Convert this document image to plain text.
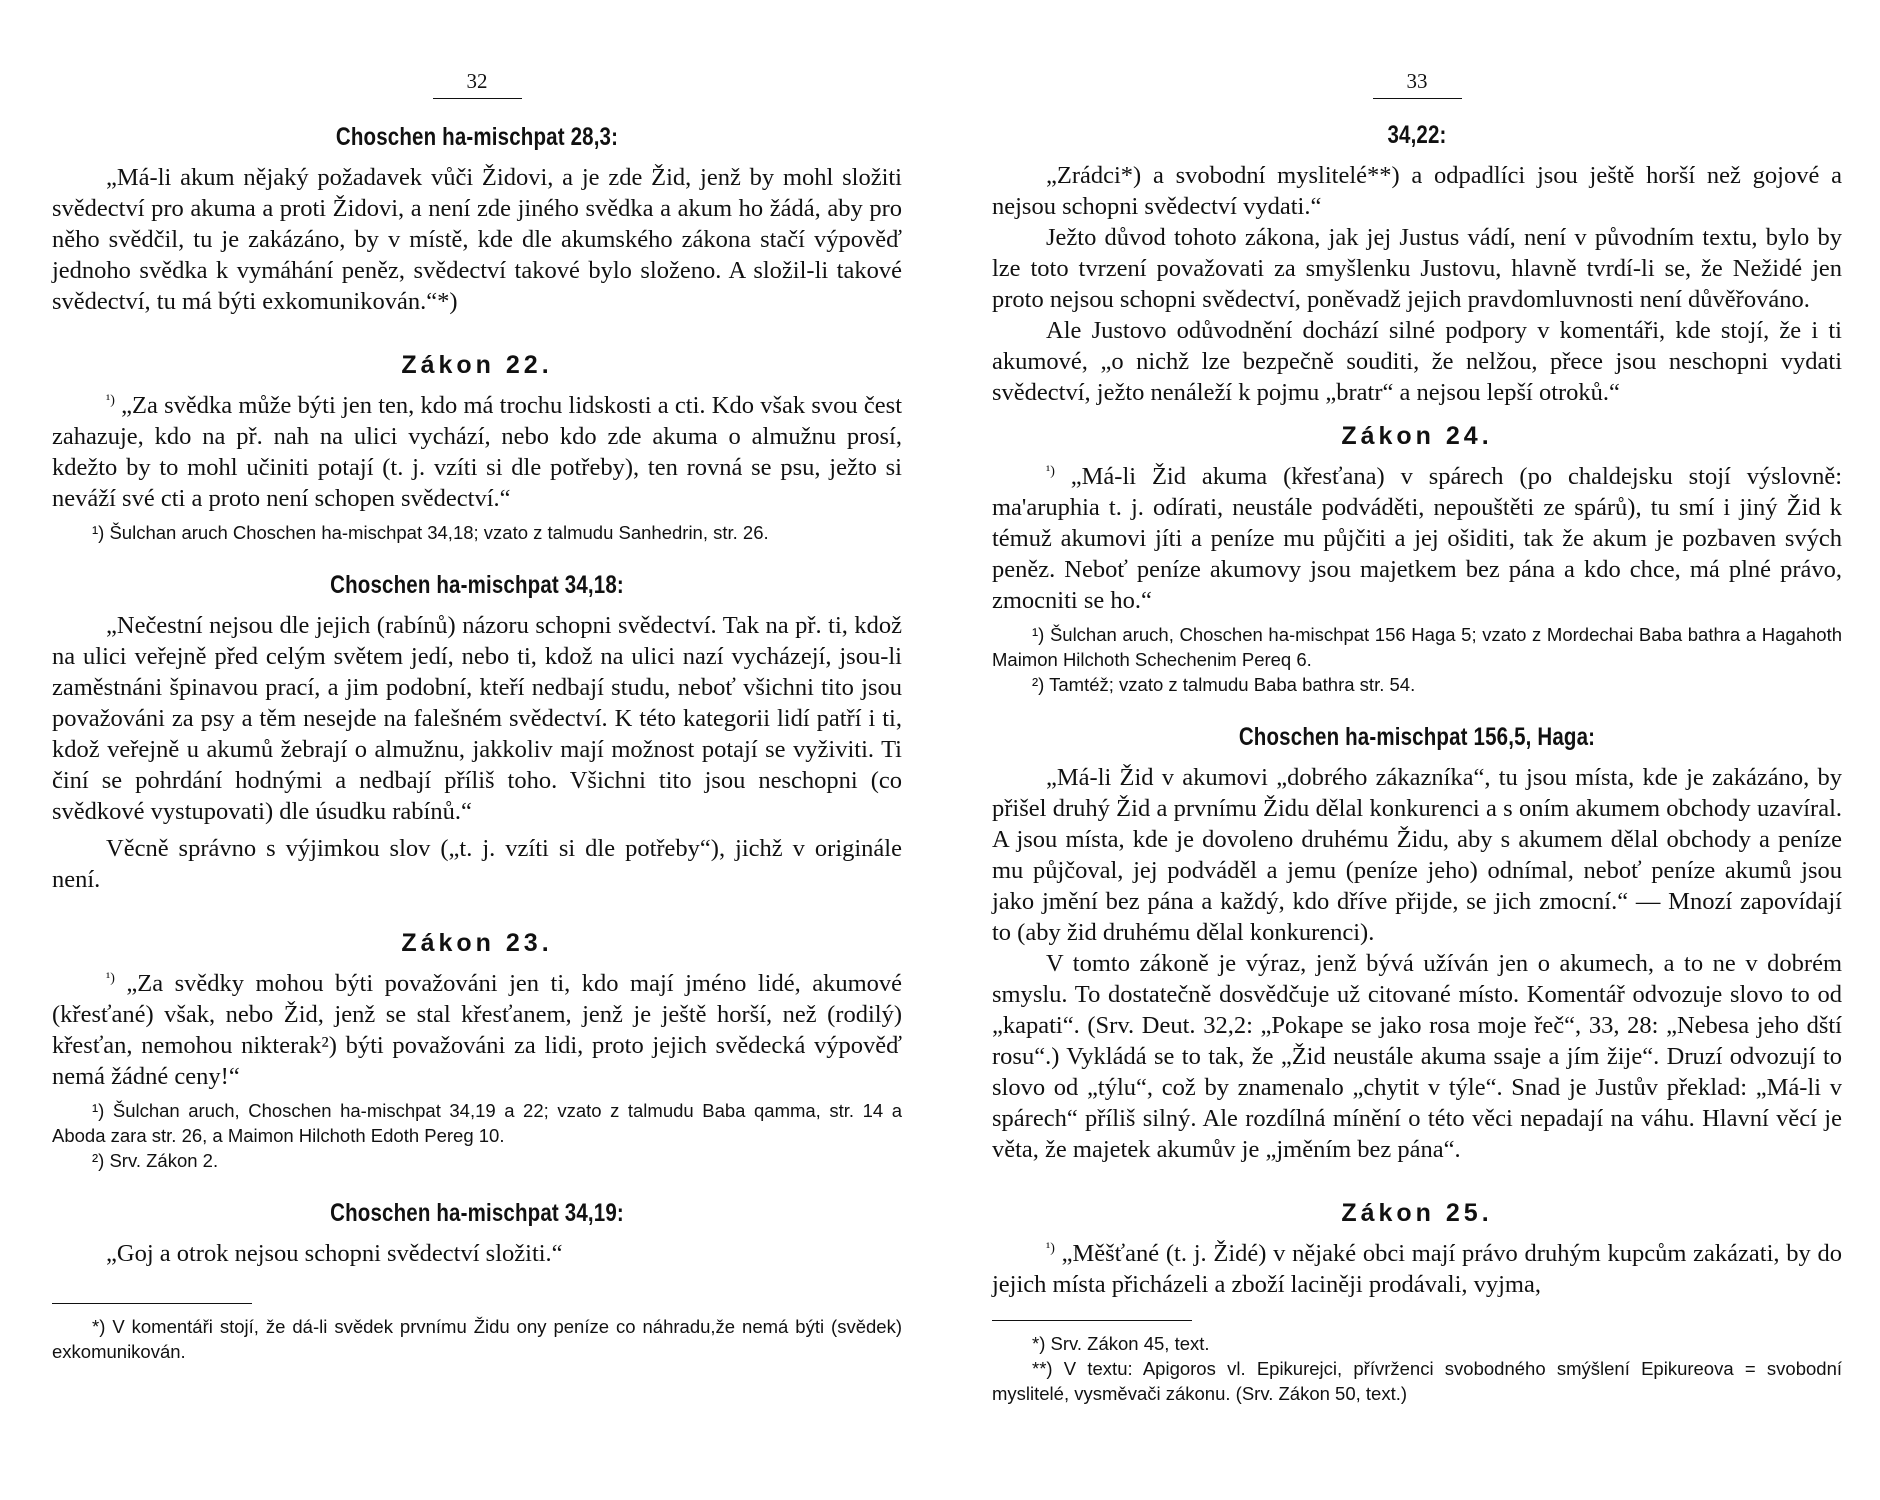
32
Choschen ha-mischpat 28,3:

„Má-li akum nějaký požadavek vůči Židovi, a je zde Žid, jenž by mohl složiti svědectví pro akuma a proti Židovi, a není zde jiného svědka a akum ho žádá, aby pro něho svědčil, tu je zakázáno, by v místě, kde dle akumského zákona stačí výpověď jednoho svědka k vymáhání peněz, svědectví takové bylo složeno. A složil-li takové svědectví, tu má býti exkomunikován.“*)

Zákon 22.

$^{^1)}$ „Za svědka může býti jen ten, kdo má trochu lidskosti a cti. Kdo však svou čest zahazuje, kdo na př. nah na ulici vychází, nebo kdo zde akuma o almužnu prosí, kdežto by to mohl učiniti potají (t. j. vzíti si dle potřeby), ten rovná se psu, ježto si neváží své cti a proto není schopen svědectví.“

¹) Šulchan aruch Choschen ha-mischpat 34,18; vzato z talmudu Sanhedrin, str. 26.
Choschen ha-mischpat 34,18:

„Nečestní nejsou dle jejich (rabínů) názoru schopni svědectví. Tak na př. ti, kdož na ulici veřejně před celým světem jedí, nebo ti, kdož na ulici nazí vycházejí, jsou-li zaměstnáni špinavou prací, a jim podobní, kteří nedbají studu, neboť všichni tito jsou považováni za psy a těm nesejde na falešném svědectví. K této kategorii lidí patří i ti, kdož veřejně u akumů žebrají o almužnu, jakkoliv mají možnost potají se vyživiti. Ti činí se pohrdání hodnými a nedbají příliš toho. Všichni tito jsou neschopni (co svědkové vystupovati) dle úsudku rabínů.“

Věcně správno s výjimkou slov („t. j. vzíti si dle potřeby“), jichž v originále není.

Zákon 23.

$^{^1)}$ „Za svědky mohou býti považováni jen ti, kdo mají jméno lidé, akumové (křesťané) však, nebo Žid, jenž se stal křesťanem, jenž je ještě horší, než (rodilý) křesťan, nemohou nikterak²) býti považováni za lidi, proto jejich svědecká výpověď nemá žádné ceny!“

¹) Šulchan aruch, Choschen ha-mischpat 34,19 a 22; vzato z talmudu Baba qamma, str. 14 a Aboda zara str. 26, a Maimon Hilchoth Edoth Pereg 10.
²) Srv. Zákon 2.
Choschen ha-mischpat 34,19:

„Goj a otrok nejsou schopni svědectví složiti.“

*) V komentáři stojí, že dá-li svědek prvnímu Židu ony peníze co náhradu,že nemá býti (svědek) exkomunikován.
33
34,22:

„Zrádci*) a svobodní myslitelé**) a odpadlíci jsou ještě horší než gojové a nejsou schopni svědectví vydati.“

Ježto důvod tohoto zákona, jak jej Justus vádí, není v původním textu, bylo by lze toto tvrzení považovati za smyšlenku Justovu, hlavně tvrdí-li se, že Nežidé jen proto nejsou schopni svědectví, poněvadž jejich pravdomluvnosti není důvěřováno.

Ale Justovo odůvodnění dochází silné podpory v komentáři, kde stojí, že i ti akumové, „o nichž lze bezpečně souditi, že nelžou, přece jsou neschopni vydati svědectví, ježto nenáleží k pojmu „bratr“ a nejsou lepší otroků.“

Zákon 24.

$^{^1)}$ „Má-li Žid akuma (křesťana) v spárech (po chaldejsku stojí výslovně: ma'aruphia t. j. odírati, neustále podváděti, nepouštěti ze spárů), tu smí i jiný Žid k témuž akumovi jíti a peníze mu půjčiti a jej ošiditi, tak že akum je pozbaven svých peněz. Neboť peníze akumovy jsou majetkem bez pána a kdo chce, má plné právo, zmocniti se ho.“

¹) Šulchan aruch, Choschen ha-mischpat 156 Haga 5; vzato z Mordechai Baba bathra a Hagahoth Maimon Hilchoth Schechenim Pereq 6.
²) Tamtéž; vzato z talmudu Baba bathra str. 54.
Choschen ha-mischpat 156,5, Haga:

„Má-li Žid v akumovi „dobrého zákazníka“, tu jsou místa, kde je zakázáno, by přišel druhý Žid a prvnímu Židu dělal konkurenci a s oním akumem obchody uzavíral. A jsou místa, kde je dovoleno druhému Židu, aby s akumem dělal obchody a peníze mu půjčoval, jej podváděl a jemu (peníze jeho) odnímal, neboť peníze akumů jsou jako jmění bez pána a každý, kdo dříve přijde, se jich zmocní.“ — Mnozí zapovídají to (aby žid druhému dělal konkurenci).

V tomto zákoně je výraz, jenž bývá užíván jen o akumech, a to ne v dobrém smyslu. To dostatečně dosvědčuje už citované místo. Komentář odvozuje slovo to od „kapati“. (Srv. Deut. 32,2: „Pokape se jako rosa moje řeč“, 33, 28: „Nebesa jeho dští rosu“.) Vykládá se to tak, že „Žid neustále akuma ssaje a jím žije“. Druzí odvozují to slovo od „týlu“, což by znamenalo „chytit v týle“. Snad je Justův překlad: „Má-li v spárech“ příliš silný. Ale rozdílná mínění o této věci nepadají na váhu. Hlavní věcí je věta, že majetek akumův je „jměním bez pána“.

Zákon 25.

$^{^1)}$ „Měšťané (t. j. Židé) v nějaké obci mají právo druhým kupcům zakázati, by do jejich místa přicházeli a zboží laciněji prodávali, vyjma,

*) Srv. Zákon 45, text.
**) V textu: Apigoros vl. Epikurejci, přívrženci svobodného smýšlení Epikureova = svobodní myslitelé, vysměvači zákonu. (Srv. Zákon 50, text.)
